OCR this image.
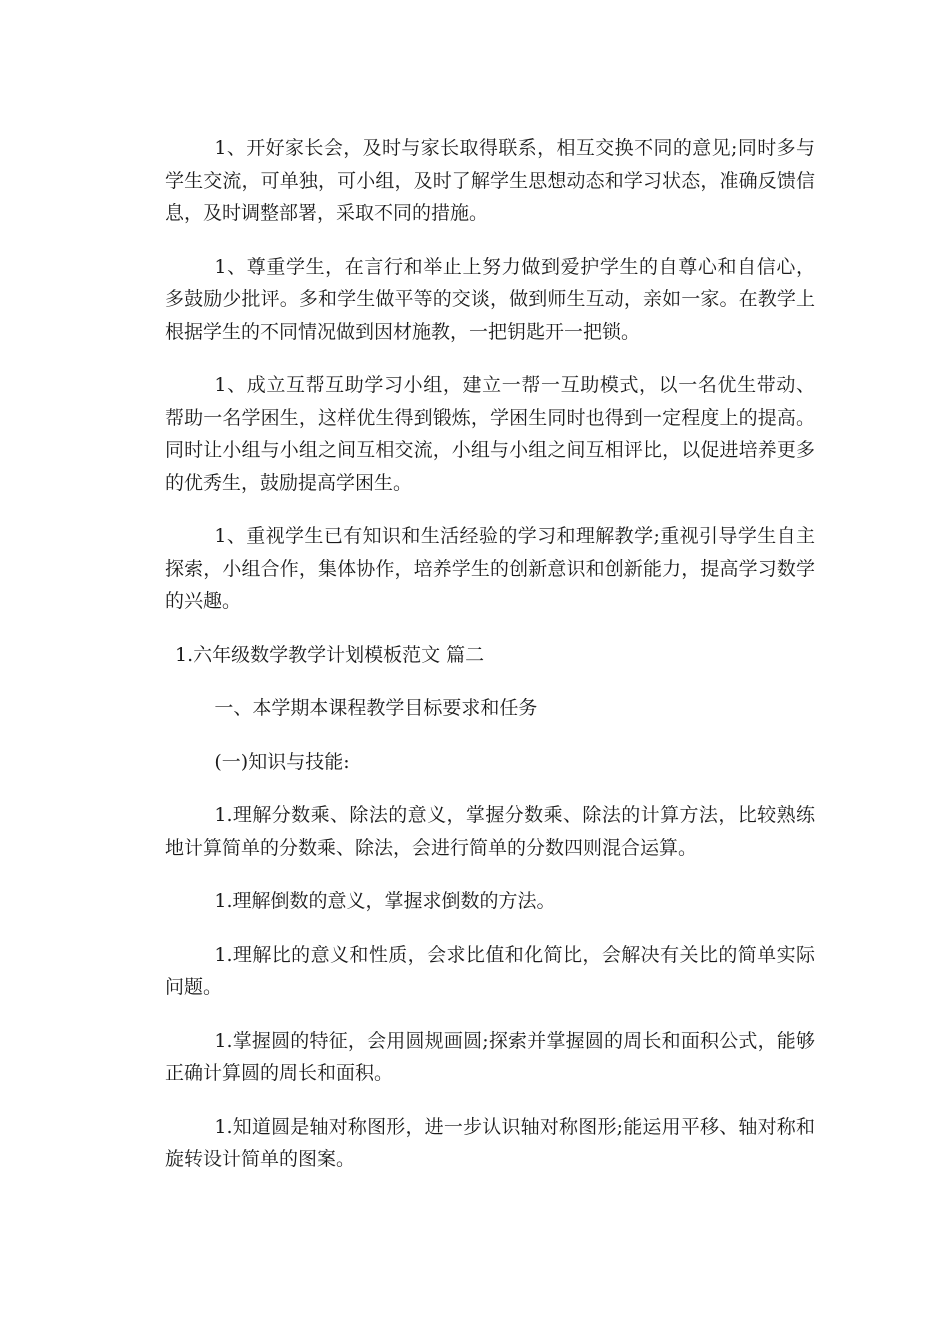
1、开好家长会，及时与家长取得联系，相互交换不同的意见;同时多与学生交流，可单独，可小组，及时了解学生思想动态和学习状态，准确反馈信息，及时调整部署，采取不同的措施。

1、尊重学生，在言行和举止上努力做到爱护学生的自尊心和自信心，多鼓励少批评。多和学生做平等的交谈，做到师生互动，亲如一家。在教学上根据学生的不同情况做到因材施教，一把钥匙开一把锁。

1、成立互帮互助学习小组，建立一帮一互助模式，以一名优生带动、帮助一名学困生，这样优生得到锻炼，学困生同时也得到一定程度上的提高。同时让小组与小组之间互相交流，小组与小组之间互相评比，以促进培养更多的优秀生，鼓励提高学困生。

1、重视学生已有知识和生活经验的学习和理解教学;重视引导学生自主探索，小组合作，集体协作，培养学生的创新意识和创新能力，提高学习数学的兴趣。

1.六年级数学教学计划模板范文 篇二

一、本学期本课程教学目标要求和任务

(一)知识与技能:

1.理解分数乘、除法的意义，掌握分数乘、除法的计算方法，比较熟练地计算简单的分数乘、除法，会进行简单的分数四则混合运算。

1.理解倒数的意义，掌握求倒数的方法。

1.理解比的意义和性质，会求比值和化简比，会解决有关比的简单实际问题。

1.掌握圆的特征，会用圆规画圆;探索并掌握圆的周长和面积公式，能够正确计算圆的周长和面积。

1.知道圆是轴对称图形，进一步认识轴对称图形;能运用平移、轴对称和旋转设计简单的图案。
